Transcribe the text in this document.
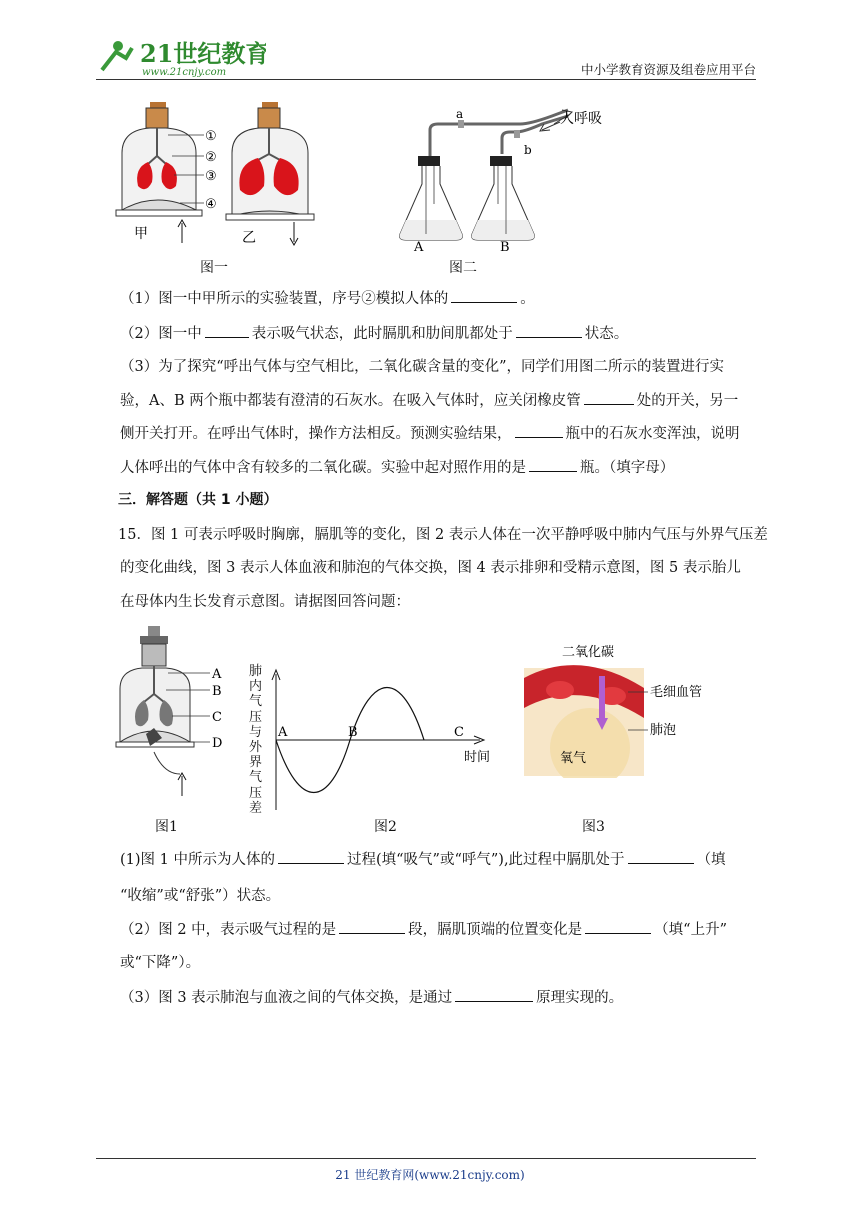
21世纪教育
www.21cnjy.com	中小学教育资源及组卷应用平台
①
②
③
④
甲	乙
图一
a
b
人呼吸
A	B
图二
（1）图一中甲所示的实验装置，序号②模拟人体的	。
（2）图一中	表示吸气状态，此时膈肌和肋间肌都处于	状态。
（3）为了探究“呼出气体与空气相比，二氧化碳含量的变化”，同学们用图二所示的装置进行实
验，A、B 两个瓶中都装有澄清的石灰水。在吸入气体时，应关闭橡皮管	处的开关，另一
侧开关打开。在呼出气体时，操作方法相反。预测实验结果，	瓶中的石灰水变浑浊，说明
人体呼出的气体中含有较多的二氧化碳。实验中起对照作用的是	瓶。（填字母）
三．解答题（共 1 小题）
15．图 1 可表示呼吸时胸廓，膈肌等的变化，图 2 表示人体在一次平静呼吸中肺内气压与外界气压差
的变化曲线，图 3 表示人体血液和肺泡的气体交换，图 4 表示排卵和受精示意图，图 5 表示胎儿
在母体内生长发育示意图。请据图回答问题：
A
B
C
D
图1
A	B	C
时间
肺内气压与外界气压差
图2
二氧化碳
毛细血管
肺泡
氧气
图3
(1)图 1 中所示为人体的	过程(填“吸气”或“呼气”),此过程中膈肌处于	（填
“收缩”或“舒张”）状态。
（2）图 2 中，表示吸气过程的是	段，膈肌顶端的位置变化是	（填“上升”
或“下降”）。
（3）图 3 表示肺泡与血液之间的气体交换，是通过	原理实现的。
21 世纪教育网(www.21cnjy.com)
